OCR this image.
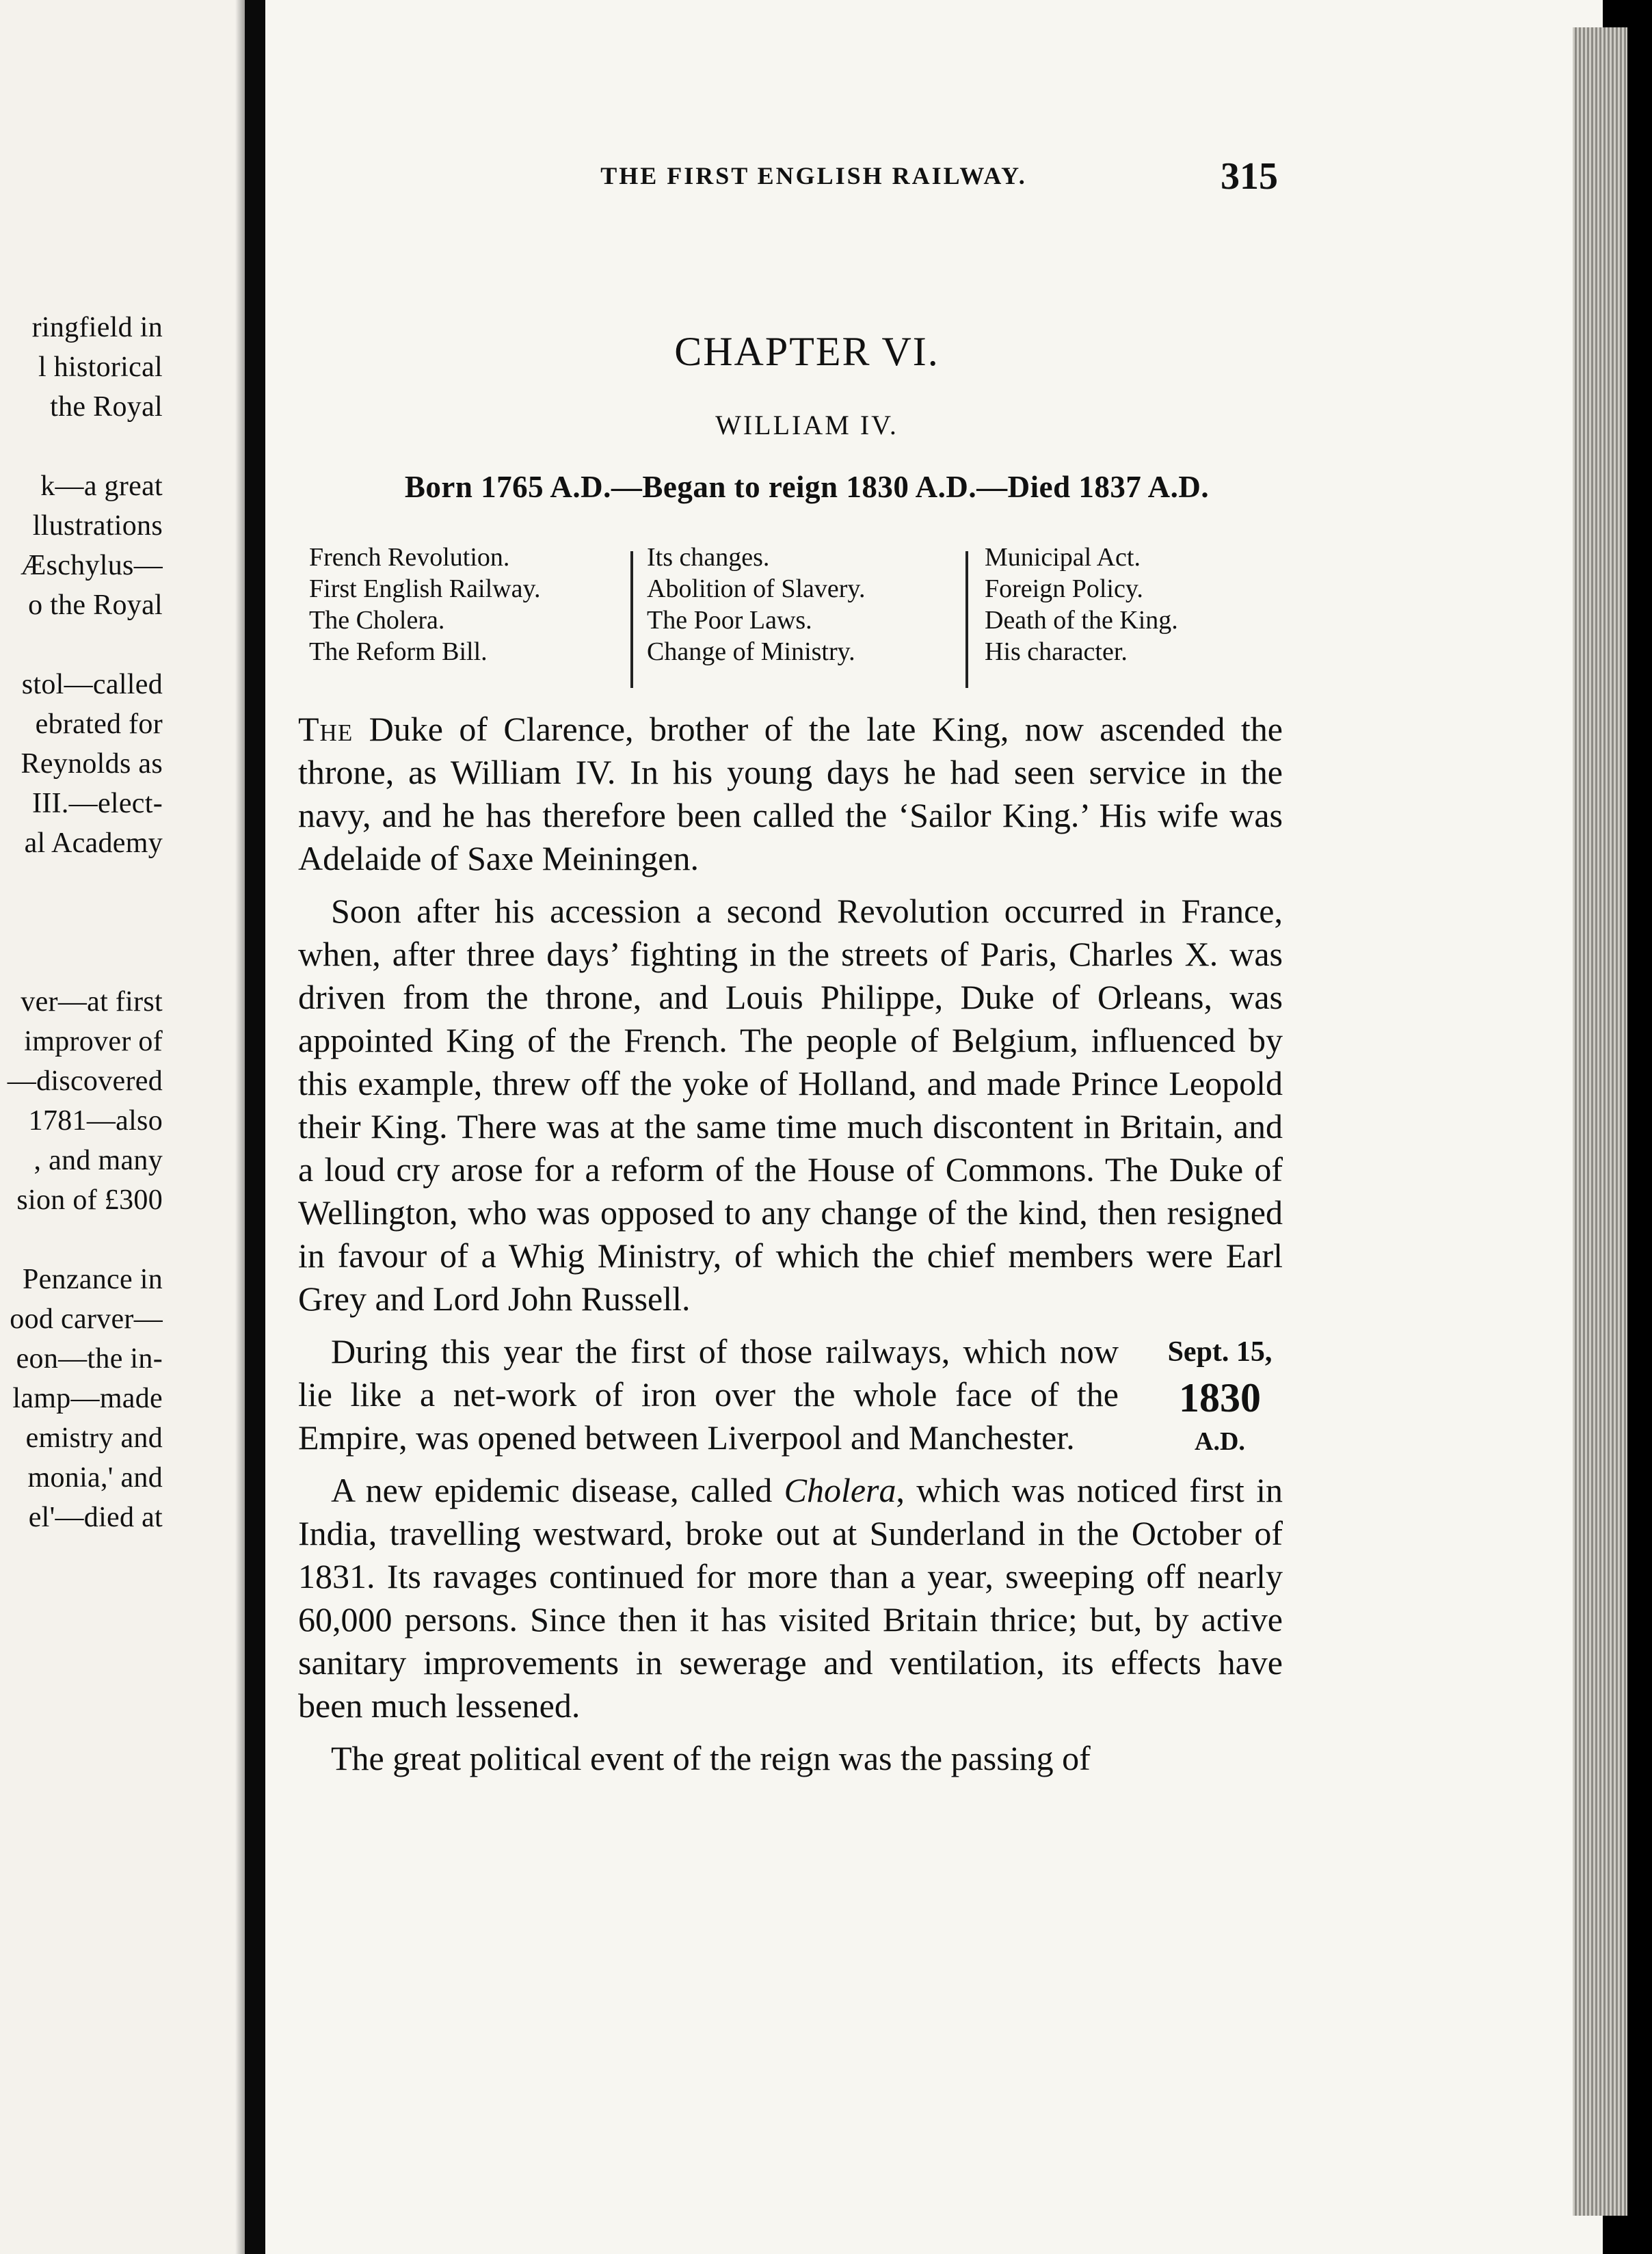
ringfield in
l historical
the Royal
k—a great
llustrations
Æschylus—
o the Royal
stol—called
ebrated for
Reynolds as
III.—elect-
al Academy
ver—at first
improver of
—discovered
1781—also
, and many
sion of £300
Penzance in
ood carver—
eon—the in-
lamp—made
emistry and
monia,' and
el'—died at
THE FIRST ENGLISH RAILWAY.	315
CHAPTER VI.
WILLIAM IV.
Born 1765 A.D.—Began to reign 1830 A.D.—Died 1837 A.D.
French Revolution.
First English Railway.
The Cholera.
The Reform Bill.
Its changes.
Abolition of Slavery.
The Poor Laws.
Change of Ministry.
Municipal Act.
Foreign Policy.
Death of the King.
His character.

The Duke of Clarence, brother of the late King, now ascended the throne, as William IV. In his young days he had seen service in the navy, and he has therefore been called the ‘Sailor King.’ His wife was Adelaide of Saxe Meiningen.

Soon after his accession a second Revolution occurred in France, when, after three days’ fighting in the streets of Paris, Charles X. was driven from the throne, and Louis Philippe, Duke of Orleans, was appointed King of the French. The people of Belgium, influenced by this example, threw off the yoke of Holland, and made Prince Leopold their King. There was at the same time much discontent in Britain, and a loud cry arose for a reform of the House of Commons. The Duke of Wellington, who was opposed to any change of the kind, then resigned in favour of a Whig Ministry, of which the chief members were Earl Grey and Lord John Russell.

During this year the first of those railways, which now lie like a net-work of iron over the whole face of the Empire, was opened between Liverpool and Manchester.

Sept. 15,
1830
A.D.

A new epidemic disease, called Cholera, which was noticed first in India, travelling westward, broke out at Sunderland in the October of 1831. Its ravages continued for more than a year, sweeping off nearly 60,000 persons. Since then it has visited Britain thrice; but, by active sanitary improvements in sewerage and ventilation, its effects have been much lessened.

The great political event of the reign was the passing of
